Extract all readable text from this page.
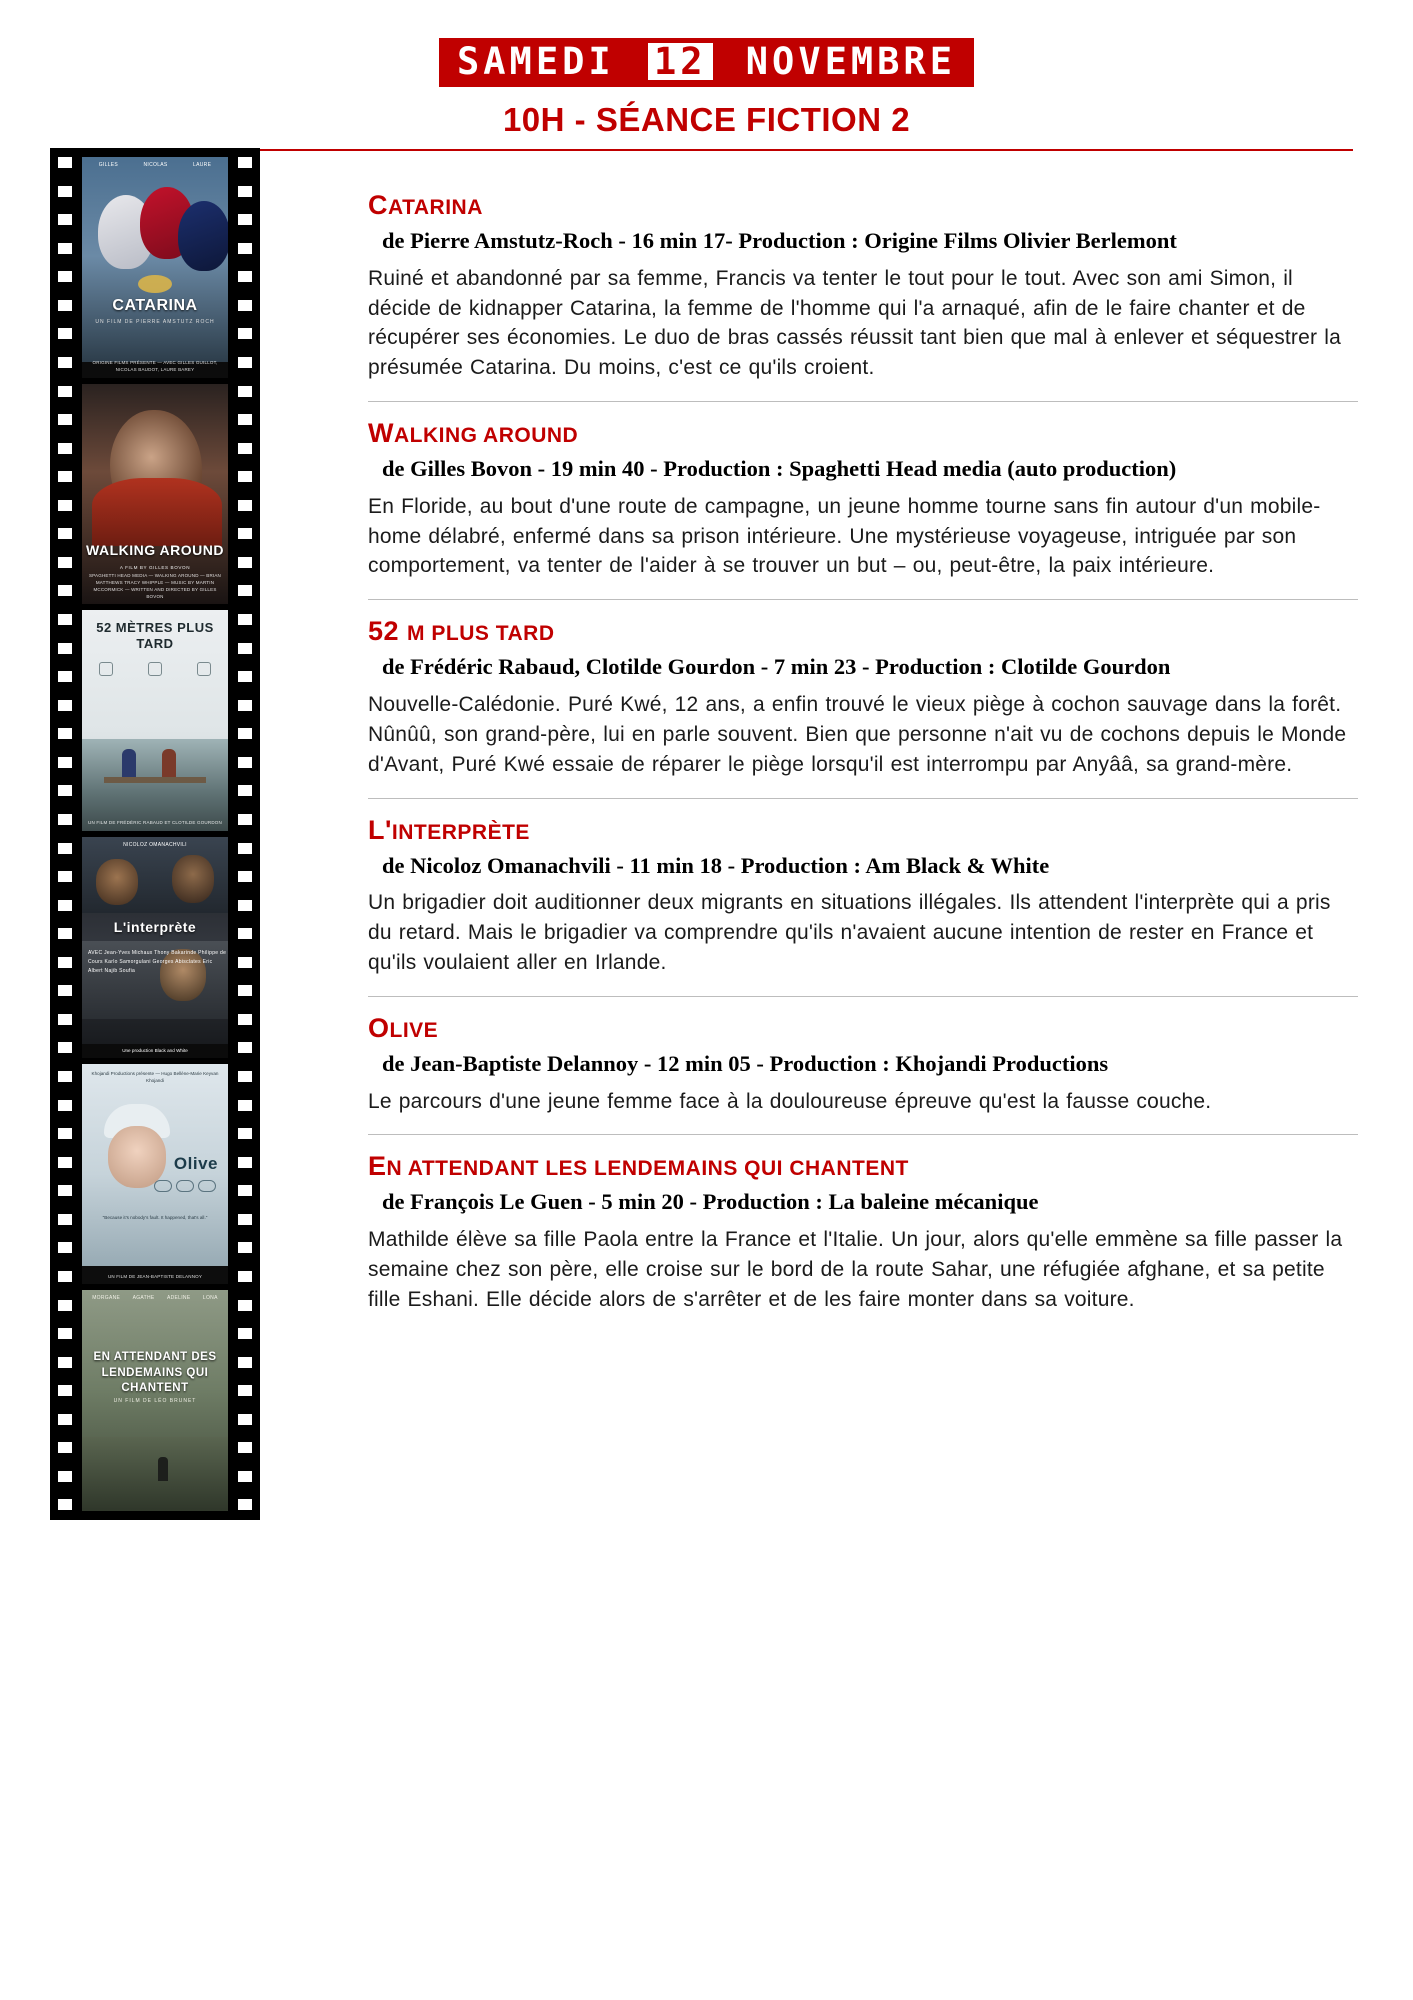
SAMEDI 12 NOVEMBRE
10H - SÉANCE FICTION 2
GILLES	NICOLAS	LAURE
CATARINA
UN FILM DE PIERRE AMSTUTZ ROCH
ORIGINE FILMS PRÉSENTE — AVEC GILLES GUILLOT, NICOLAS BAUDOT, LAURE BAREY
WALKING AROUND
A FILM BY GILLES BOVON
SPAGHETTI HEAD MEDIA — WALKING AROUND — BRIAN MATTHEWS TRACY WHIPPLE — MUSIC BY MARTIN MCCORMICK — WRITTEN AND DIRECTED BY GILLES BOVON
52 MÈTRES PLUS TARD
UN FILM DE FRÉDÉRIC RABAUD ET CLOTILDE GOURDON
NICOLOZ OMANACHVILI
L'interprète
AVEC Jean-Yves Michaux Thony Bakarinde Philippe de Cours Karlo Samorgulani Georges Abisclates Eric Albert Najib Soufia
Une production Black and White
Khojandi Productions présente — Hugo Bellène-Marie Keyvan Khojandi
Olive
"Because it's nobody's fault. It happened, that's all."
UN FILM DE JEAN-BAPTISTE DELANNOY
MORGANE AGATHE ADELINE LONA
EN ATTENDANT DES LENDEMAINS QUI CHANTENT
UN FILM DE LÉO BRUNET
CATARINA

de Pierre Amstutz-Roch - 16 min 17- Production : Origine Films Olivier Berlemont

Ruiné et abandonné par sa femme, Francis va tenter le tout pour le tout. Avec son ami Simon, il décide de kidnapper Catarina, la femme de l'homme qui l'a arnaqué, afin de le faire chanter et de récupérer ses économies. Le duo de bras cassés réussit tant bien que mal à enlever et séquestrer la présumée Catarina. Du moins, c'est ce qu'ils croient.

WALKING AROUND

de Gilles Bovon - 19 min 40 - Production : Spaghetti Head media (auto production)

En Floride, au bout d'une route de campagne, un jeune homme tourne sans fin autour d'un mobile-home délabré, enfermé dans sa prison intérieure. Une mystérieuse voyageuse, intriguée par son comportement, va tenter de l'aider à se trouver un but – ou, peut-être, la paix intérieure.

52 M PLUS TARD

de Frédéric Rabaud, Clotilde Gourdon - 7 min 23 - Production : Clotilde Gourdon

Nouvelle-Calédonie. Puré Kwé, 12 ans, a enfin trouvé le vieux piège à cochon sauvage dans la forêt. Nûnûû, son grand-père, lui en parle souvent. Bien que personne n'ait vu de cochons depuis le Monde d'Avant, Puré Kwé essaie de réparer le piège lorsqu'il est interrompu par Anyââ, sa grand-mère.

L'INTERPRÈTE

de Nicoloz Omanachvili - 11 min 18 - Production : Am Black & White

Un brigadier doit auditionner deux migrants en situations illégales. Ils attendent l'interprète qui a pris du retard. Mais le brigadier va comprendre qu'ils n'avaient aucune intention de rester en France et qu'ils voulaient aller en Irlande.

OLIVE

de Jean-Baptiste Delannoy - 12 min 05 - Production : Khojandi Productions

Le parcours d'une jeune femme face à la douloureuse épreuve qu'est la fausse couche.

EN ATTENDANT LES LENDEMAINS QUI CHANTENT

de François Le Guen - 5 min 20 - Production : La baleine mécanique

Mathilde élève sa fille Paola entre la France et l'Italie. Un jour, alors qu'elle emmène sa fille passer la semaine chez son père, elle croise sur le bord de la route Sahar, une réfugiée afghane, et sa petite fille Eshani. Elle décide alors de s'arrêter et de les faire monter dans sa voiture.
